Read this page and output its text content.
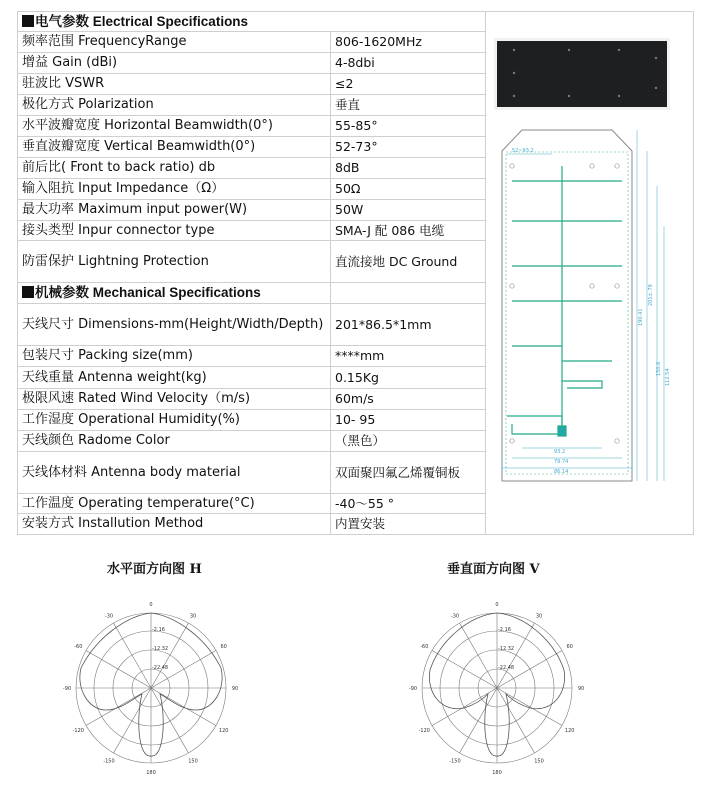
电气参数 Electrical Specifications		
频率范围 FrequencyRange	806-1620MHz	
增益 Gain (dBi)	4-8dbi	
驻波比 VSWR	≤2	
极化方式 Polarization	垂直	
水平波瓣宽度 Horizontal Beamwidth(0°)	55-85°	
垂直波瓣宽度 Vertical Beamwidth(0°)	52-73°	
前后比( Front to back ratio) db	8dB	
输入阻抗 Input Impedance（Ω）	50Ω	
最大功率 Maximum input power(W)	50W	
接头类型 Inpur connector type	SMA-J 配 086 电缆	
防雷保护 Lightning Protection	直流接地 DC Ground	
机械参数 Mechanical Specifications		
天线尺寸 Dimensions-mm(Height/Width/Depth)	201*86.5*1mm	
包装尺寸 Packing size(mm)	****mm	
天线重量 Antenna weight(kg)	0.15Kg	
极限风速 Rated Wind Velocity（m/s)	60m/s	
工作湿度 Operational Humidity(%)	10- 95	
天线颜色 Radome Color	（黑色）	
天线体材料 Antenna body material	双面聚四氟乙烯覆铜板	
工作温度 Operating temperature(°C)	-40～55 °	
安装方式 Installution Method	内置安装	
52~93.2
93.2
79.74
86.14
201±.79
190.41
150.6 112.54
水平面方向图 H	垂直面方向图 V
-2.16
-12.32
-22.48
0
30
60
90
120
150
180
-150
-120
-90
-60
-30
-2.16
-12.32
-22.48
0
30
60
90
120
150
180
-150
-120
-90
-60
-30
